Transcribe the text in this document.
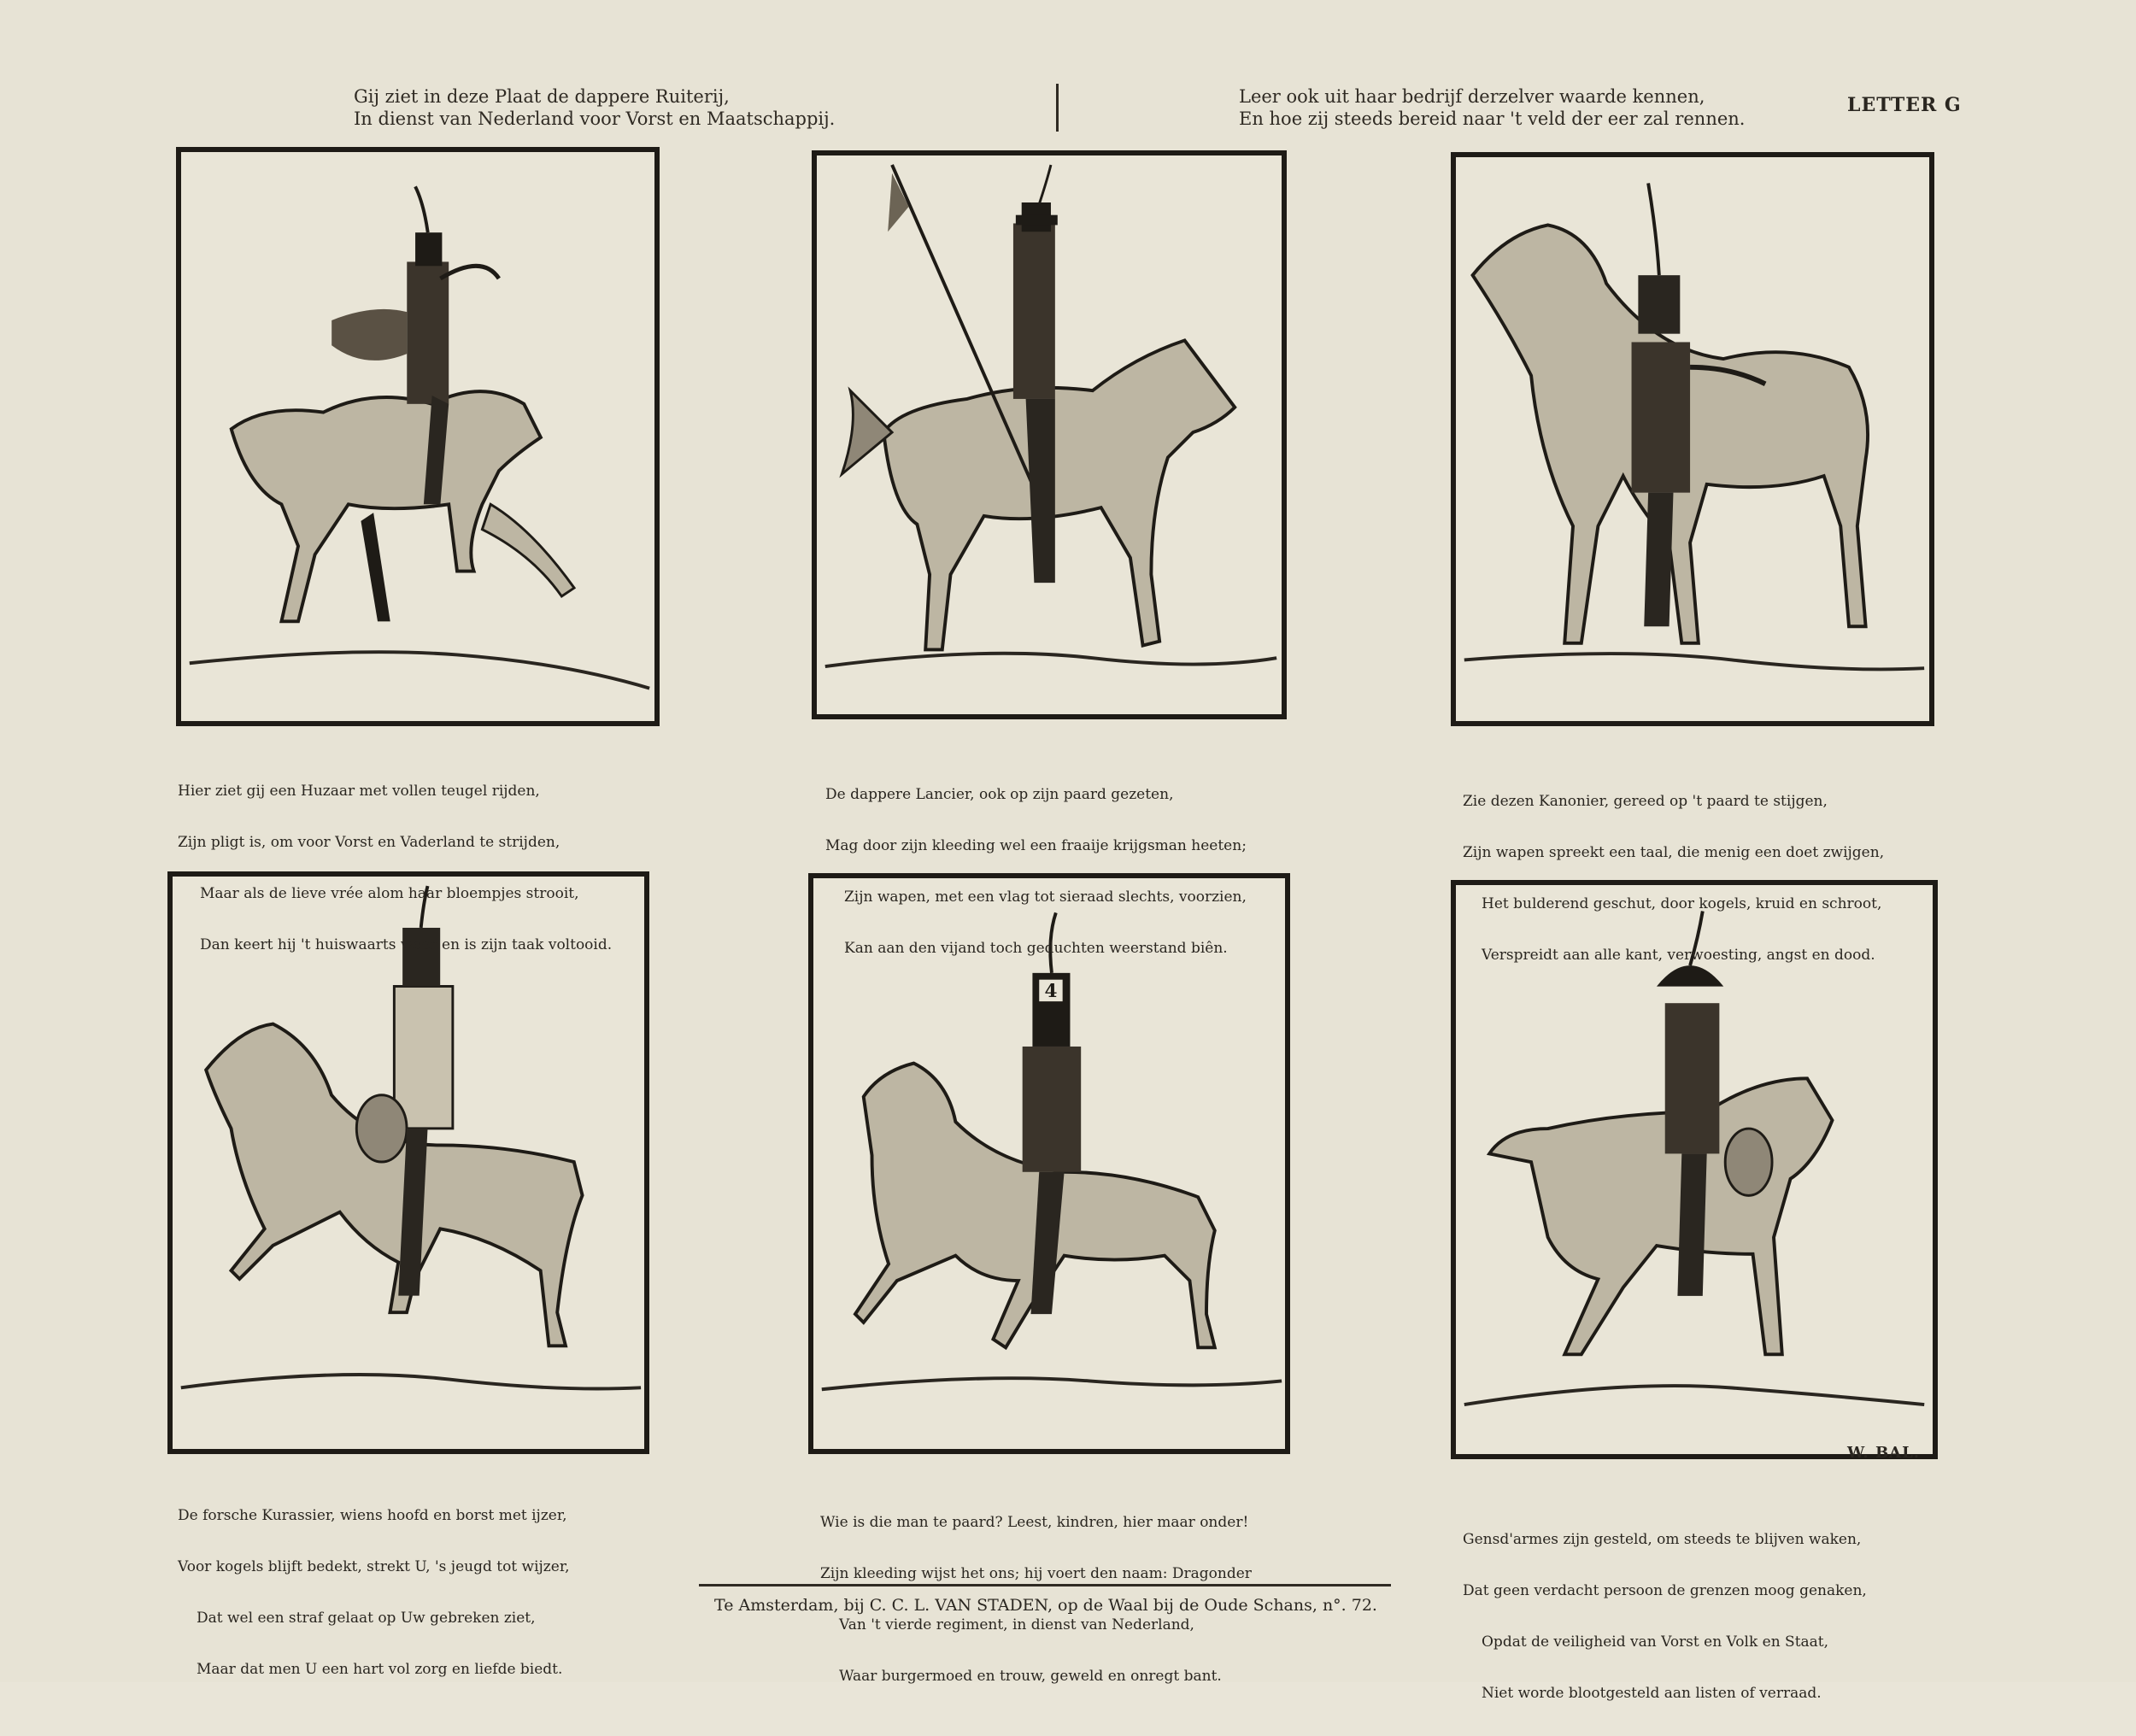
Gij ziet in deze Plaat de dappere Ruiterij,
In dienst van Nederland voor Vorst en Maatschappij.
Leer ook uit haar bedrijf derzelver waarde kennen,
En hoe zij steeds bereid naar 't veld der eer zal rennen.
LETTER G
4

Hier ziet gij een Huzaar met vollen teugel rijden,

Zijn pligt is, om voor Vorst en Vaderland te strijden,

Maar als de lieve vrée alom haar bloempjes strooit,

Dan keert hij 't huiswaarts weer en is zijn taak voltooid.

De dappere Lancier, ook op zijn paard gezeten,

Mag door zijn kleeding wel een fraaije krijgsman heeten;

Zijn wapen, met een vlag tot sieraad slechts, voorzien,

Kan aan den vijand toch geduchten weerstand biên.

Zie dezen Kanonier, gereed op 't paard te stijgen,

Zijn wapen spreekt een taal, die menig een doet zwijgen,

Het bulderend geschut, door kogels, kruid en schroot,

Verspreidt aan alle kant, verwoesting, angst en dood.

De forsche Kurassier, wiens hoofd en borst met ijzer,

Voor kogels blijft bedekt, strekt U, 's jeugd tot wijzer,

Dat wel een straf gelaat op Uw gebreken ziet,

Maar dat men U een hart vol zorg en liefde biedt.

Wie is die man te paard? Leest, kindren, hier maar onder!

Zijn kleeding wijst het ons; hij voert den naam: Dragonder

Van 't vierde regiment, in dienst van Nederland,

Waar burgermoed en trouw, geweld en onregt bant.

Gensd'armes zijn gesteld, om steeds te blijven waken,

Dat geen verdacht persoon de grenzen moog genaken,

Opdat de veiligheid van Vorst en Volk en Staat,

Niet worde blootgesteld aan listen of verraad.

W. BAL.
Te Amsterdam, bij C. C. L. VAN STADEN, op de Waal bij de Oude Schans, n°. 72.
